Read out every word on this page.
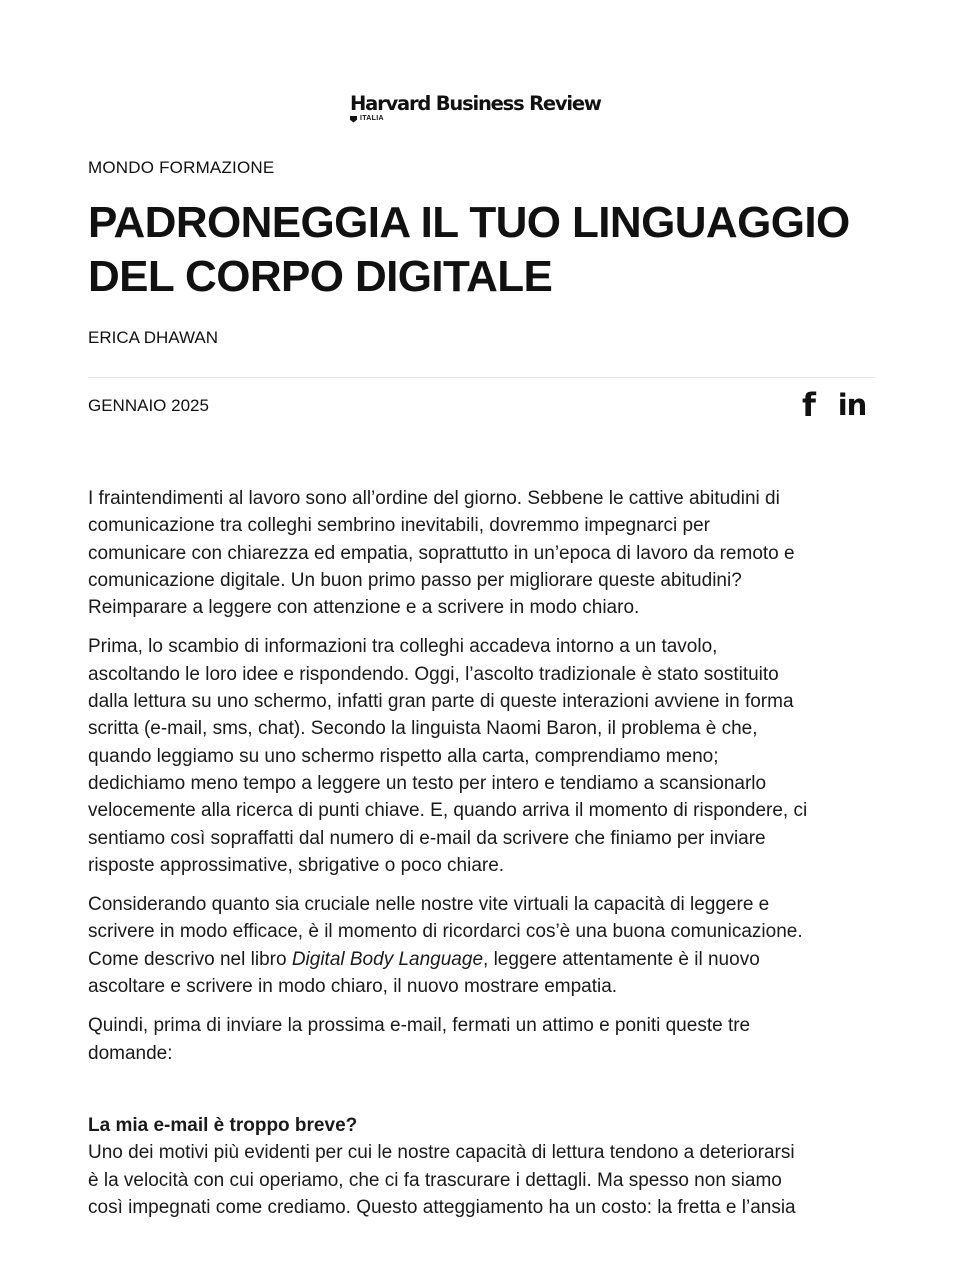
Harvard Business Review
ITALIA
MONDO FORMAZIONE
PADRONEGGIA IL TUO LINGUAGGIO
DEL CORPO DIGITALE
ERICA DHAWAN
GENNAIO 2025	f in

I fraintendimenti al lavoro sono all’ordine del giorno. Sebbene le cattive abitudini di
comunicazione tra colleghi sembrino inevitabili, dovremmo impegnarci per
comunicare con chiarezza ed empatia, soprattutto in un’epoca di lavoro da remoto e
comunicazione digitale. Un buon primo passo per migliorare queste abitudini?
Reimparare a leggere con attenzione e a scrivere in modo chiaro.

Prima, lo scambio di informazioni tra colleghi accadeva intorno a un tavolo,
ascoltando le loro idee e rispondendo. Oggi, l’ascolto tradizionale è stato sostituito
dalla lettura su uno schermo, infatti gran parte di queste interazioni avviene in forma
scritta (e-mail, sms, chat). Secondo la linguista Naomi Baron, il problema è che,
quando leggiamo su uno schermo rispetto alla carta, comprendiamo meno;
dedichiamo meno tempo a leggere un testo per intero e tendiamo a scansionarlo
velocemente alla ricerca di punti chiave. E, quando arriva il momento di rispondere, ci
sentiamo così sopraffatti dal numero di e-mail da scrivere che finiamo per inviare
risposte approssimative, sbrigative o poco chiare.

Considerando quanto sia cruciale nelle nostre vite virtuali la capacità di leggere e
scrivere in modo efficace, è il momento di ricordarci cos’è una buona comunicazione.
Come descrivo nel libro Digital Body Language, leggere attentamente è il nuovo
ascoltare e scrivere in modo chiaro, il nuovo mostrare empatia.

Quindi, prima di inviare la prossima e-mail, fermati un attimo e poniti queste tre
domande:

La mia e-mail è troppo breve?
Uno dei motivi più evidenti per cui le nostre capacità di lettura tendono a deteriorarsi
è la velocità con cui operiamo, che ci fa trascurare i dettagli. Ma spesso non siamo
così impegnati come crediamo. Questo atteggiamento ha un costo: la fretta e l’ansia
